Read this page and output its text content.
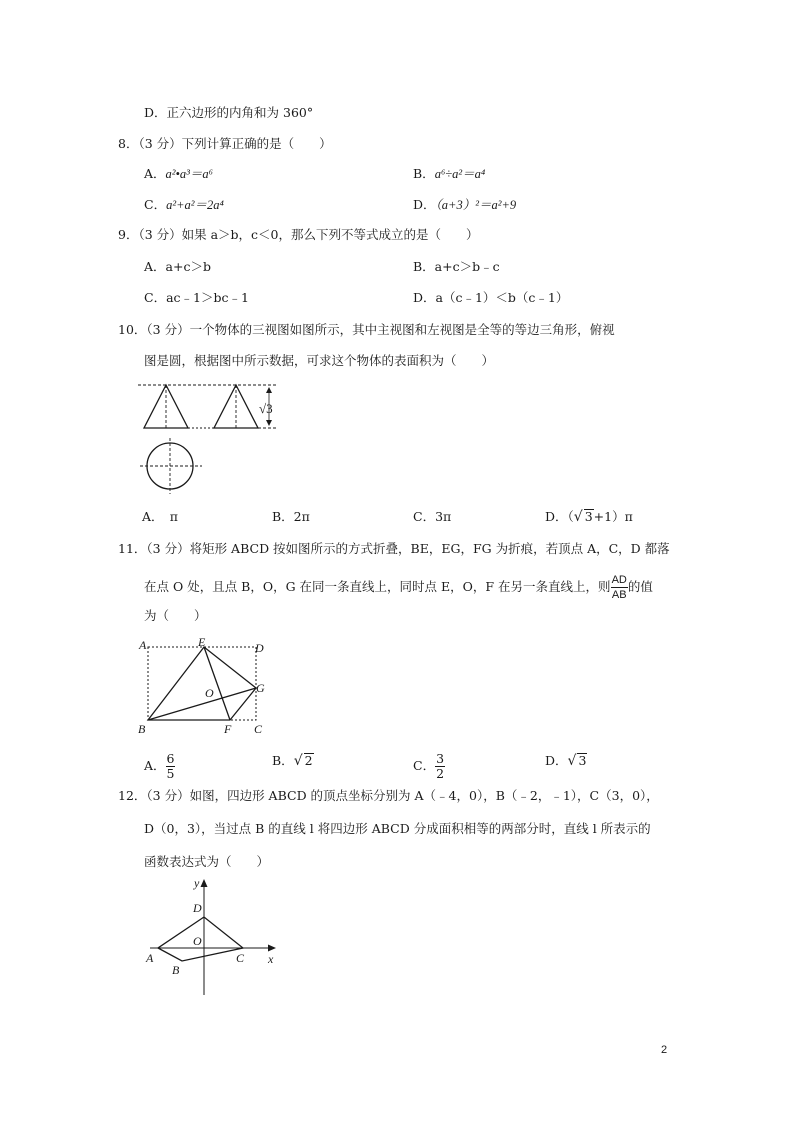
D．正六边形的内角和为 360°
8．（3 分）下列计算正确的是（　　）
A．a²•a³＝a⁶	B．a⁶÷a²＝a⁴
C．a²+a²＝2a⁴	D．（a+3）²＝a²+9
9．（3 分）如果 a＞b，c＜0，那么下列不等式成立的是（　　）
A．a+c＞b	B．a+c＞b﹣c
C．ac﹣1＞bc﹣1	D．a（c﹣1）＜b（c﹣1）
10．（3 分）一个物体的三视图如图所示，其中主视图和左视图是全等的等边三角形，俯视
图是圆，根据图中所示数据，可求这个物体的表面积为（　　）
√3
A．　π	B．2π	C．3π	D．（√ 3+1）π
11．（3 分）将矩形 ABCD 按如图所示的方式折叠，BE，EG，FG 为折痕，若顶点 A，C，D 都落
在点 O 处，且点 B，O，G 在同一条直线上，同时点 E，O，F 在另一条直线上，则 $\frac{AD}{AB}$ 的值
为（　　）
A	E	D
O	G
B	F C
A． $\frac{6}{5}$	B．√ 2	C． $\frac{3}{2}$	D．√ 3
12．（3 分）如图，四边形 ABCD 的顶点坐标分别为 A（﹣4，0），B（﹣2，﹣1），C（3，0），
D（0，3），当过点 B 的直线 l 将四边形 ABCD 分成面积相等的两部分时，直线 l 所表示的
函数表达式为（　　）
y
x
D
O
A
B
C
2
